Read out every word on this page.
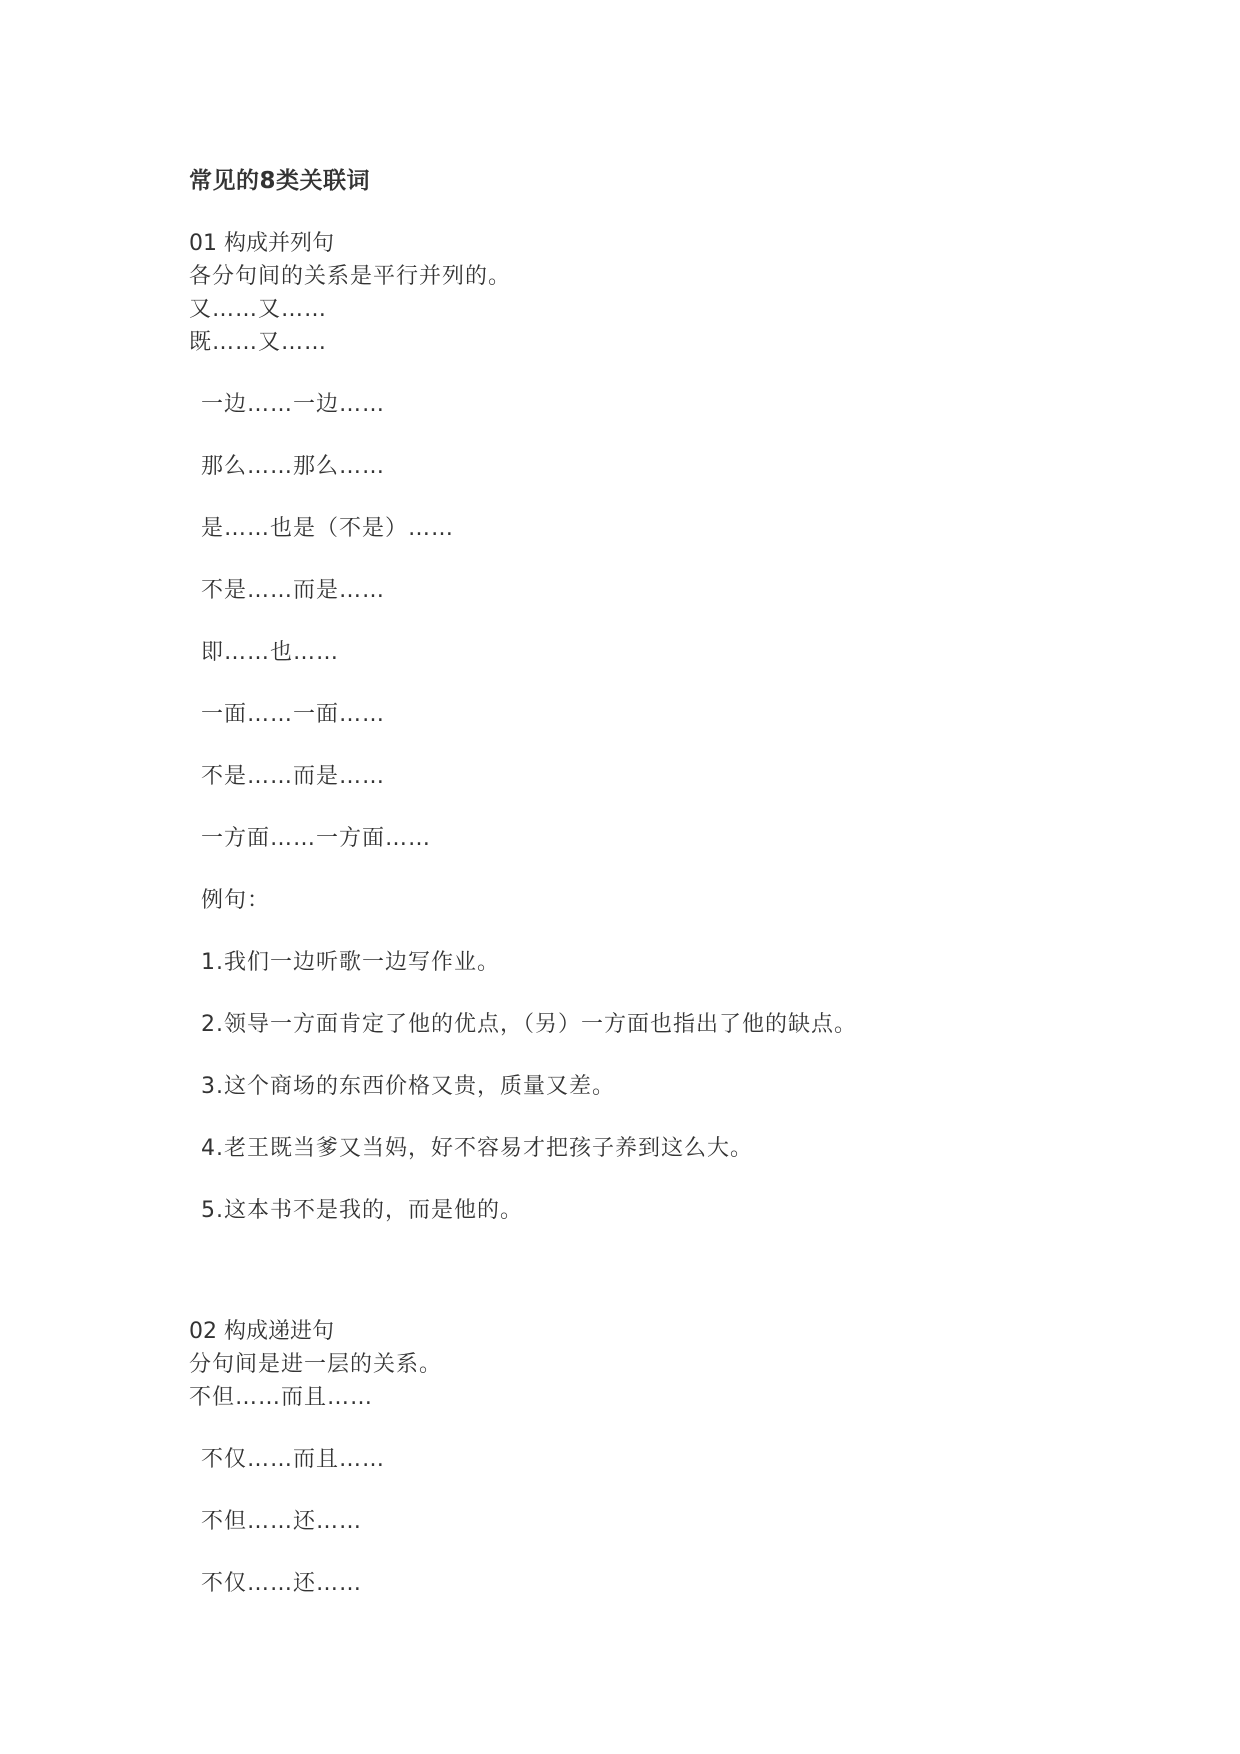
常见的8类关联词
01 构成并列句
各分句间的关系是平行并列的。
又……又……
既……又……
一边……一边……
那么……那么……
是……也是（不是）……
不是……而是……
即……也……
一面……一面……
不是……而是……
一方面……一方面……
例句：
1.我们一边听歌一边写作业。
2.领导一方面肯定了他的优点，（另）一方面也指出了他的缺点。
3.这个商场的东西价格又贵，质量又差。
4.老王既当爹又当妈，好不容易才把孩子养到这么大。
5.这本书不是我的，而是他的。
02 构成递进句
分句间是进一层的关系。
不但……而且……
不仅……而且……
不但……还……
不仅……还……
